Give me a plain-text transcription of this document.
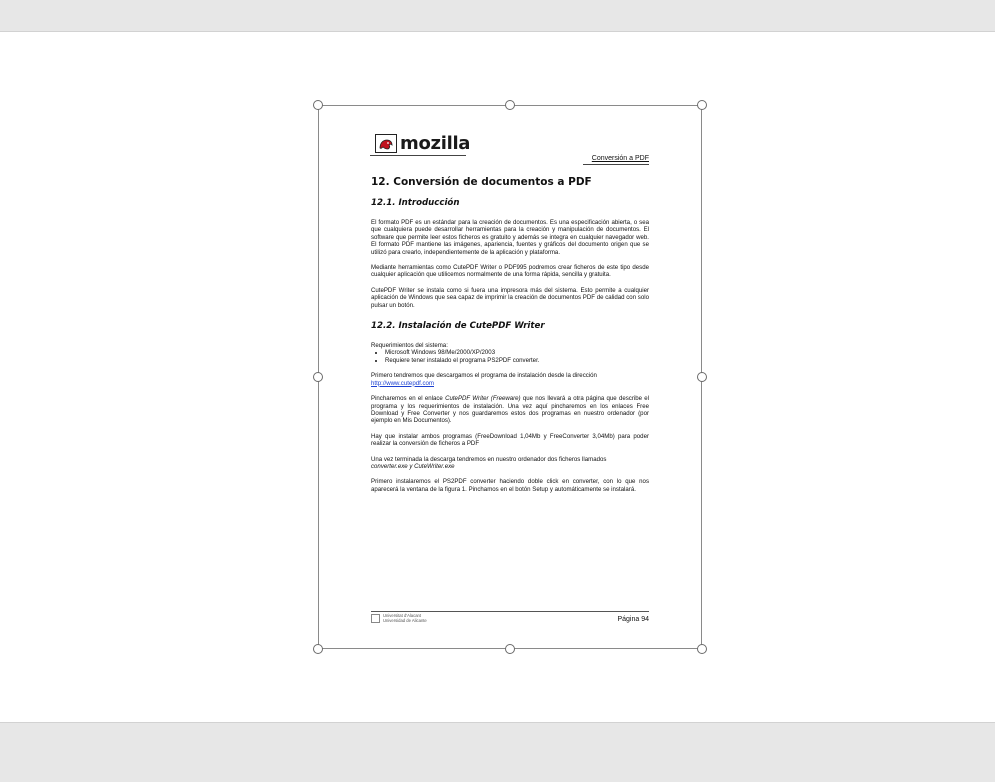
mozilla
Conversión a PDF
12. Conversión de documentos a PDF
12.1. Introducción

El formato PDF es un estándar para la creación de documentos. Es una especificación abierta, o sea que cualquiera puede desarrollar herramientas para la creación y manipulación de documentos. El software que permite leer estos ficheros es gratuito y además se integra en cualquier navegador web. El formato PDF mantiene las imágenes, apariencia, fuentes y gráficos del documento origen que se utilizó para crearlo, independientemente de la aplicación y plataforma.

Mediante herramientas como CutePDF Writer o PDF995 podremos crear ficheros de este tipo desde cualquier aplicación que utilicemos normalmente de una forma rápida, sencilla y gratuita.

CutePDF Writer se instala como si fuera una impresora más del sistema. Esto permite a cualquier aplicación de Windows que sea capaz de imprimir la creación de documentos PDF de calidad con solo pulsar un botón.

12.2. Instalación de CutePDF Writer

Requerimientos del sistema:

• Microsoft Windows 98/Me/2000/XP/2003
• Requiere tener instalado el programa PS2PDF converter.

Primero tendremos que descargamos el programa de instalación desde la dirección
http://www.cutepdf.com

Pincharemos en el enlace CutePDF Writer (Freeware) que nos llevará a otra página que describe el programa y los requerimientos de instalación. Una vez aquí pincharemos en los enlaces Free Download y Free Converter y nos guardaremos estos dos programas en nuestro ordenador (por ejemplo en Mis Documentos).

Hay que instalar ambos programas (FreeDownload 1,04Mb y FreeConverter 3,04Mb) para poder realizar la conversión de ficheros a PDF

Una vez terminada la descarga tendremos en nuestro ordenador dos ficheros llamados
converter.exe y CuteWriter.exe

Primero instalaremos el PS2PDF converter haciendo doble click en converter, con lo que nos aparecerá la ventana de la figura 1. Pinchamos en el botón Setup y automáticamente se instalará.

Universitat d'Alacant
Universidad de Alicante	Página 94
